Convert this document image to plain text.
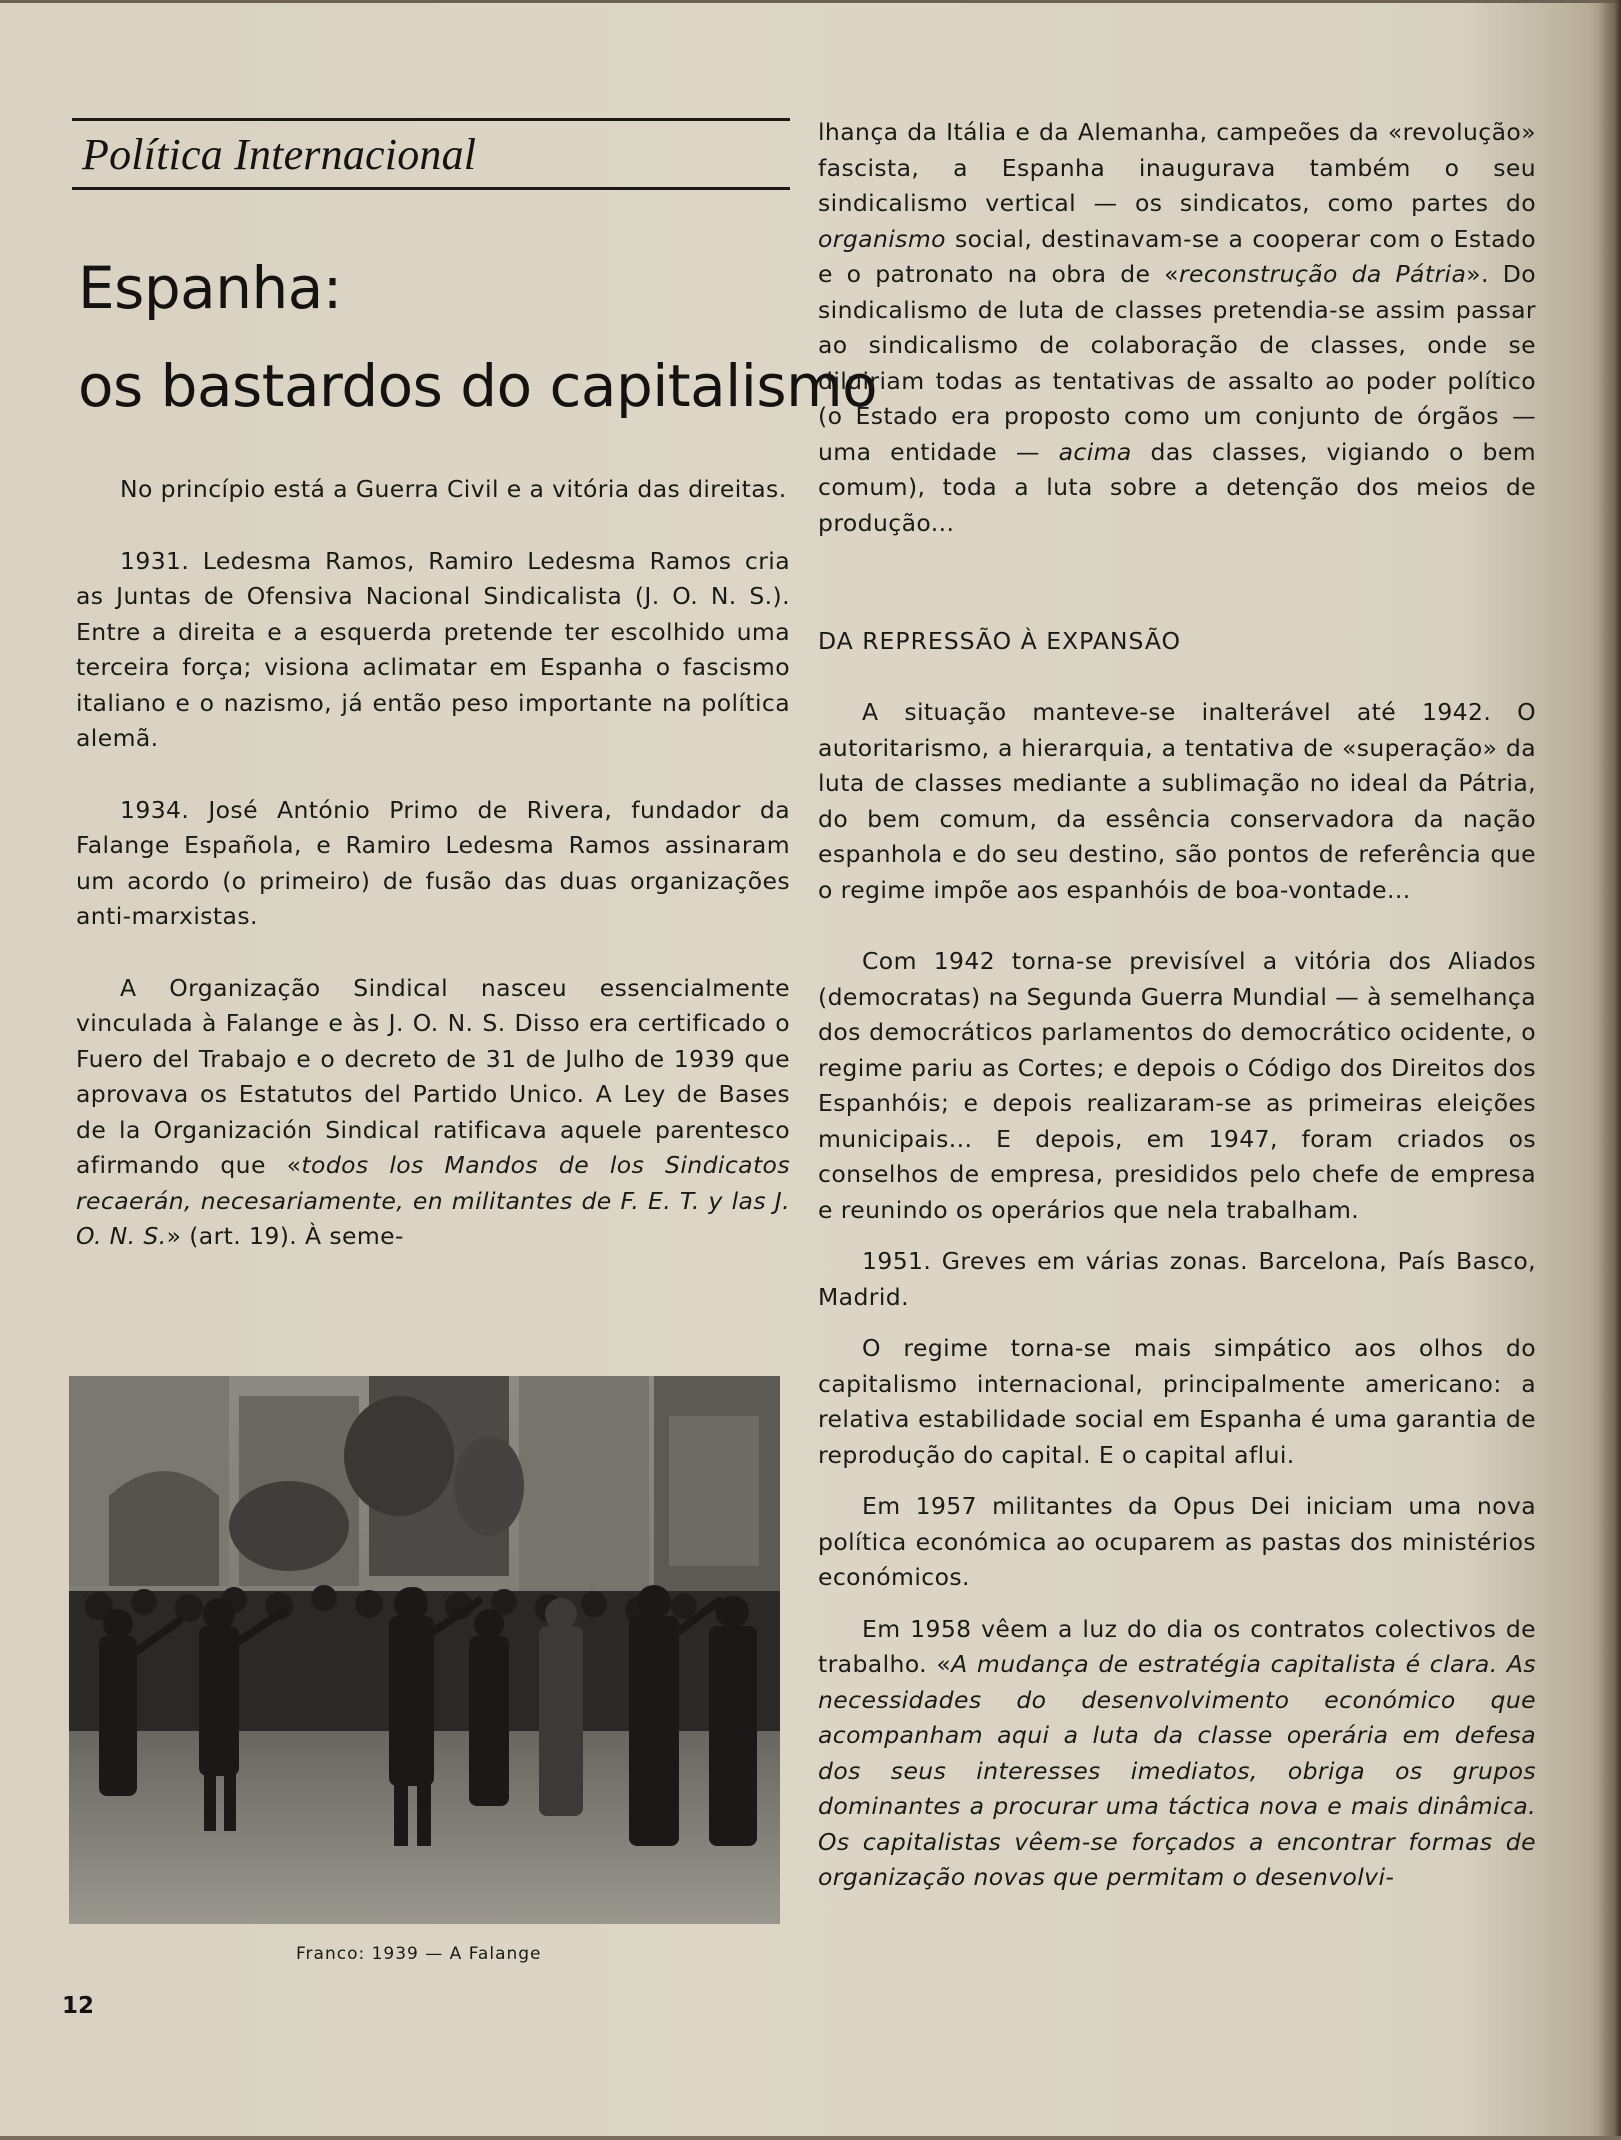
Política Internacional
Espanha:
os bastardos do capitalismo

No princípio está a Guerra Civil e a vitória das direitas.

1931. Ledesma Ramos, Ramiro Ledesma Ramos cria as Juntas de Ofensiva Nacional Sindicalista (J. O. N. S.). Entre a direita e a esquerda pretende ter escolhido uma terceira força; visiona aclimatar em Espanha o fascismo italiano e o nazismo, já então peso importante na política alemã.

1934. José António Primo de Rivera, fundador da Falange Española, e Ramiro Ledesma Ramos assinaram um acordo (o primeiro) de fusão das duas organizações anti-marxistas.

A Organização Sindical nasceu essencialmente vinculada à Falange e às J. O. N. S. Disso era certificado o Fuero del Trabajo e o decreto de 31 de Julho de 1939 que aprovava os Estatutos del Partido Unico. A Ley de Bases de la Organización Sindical ratificava aquele parentesco afirmando que «todos los Mandos de los Sindicatos recaerán, necesariamente, en militantes de F. E. T. y las J. O. N. S.» (art. 19). À seme-

Franco: 1939 — A Falange

lhança da Itália e da Alemanha, campeões da «revolução» fascista, a Espanha inaugurava também o seu sindicalismo vertical — os sindicatos, como partes do organismo social, destinavam-se a cooperar com o Estado e o patronato na obra de «reconstrução da Pátria». Do sindicalismo de luta de classes pretendia-se assim passar ao sindicalismo de colaboração de classes, onde se diluiriam todas as tentativas de assalto ao poder político (o Estado era proposto como um conjunto de órgãos — uma entidade — acima das classes, vigiando o bem comum), toda a luta sobre a detenção dos meios de produção...

DA REPRESSÃO À EXPANSÃO

A situação manteve-se inalterável até 1942. O autoritarismo, a hierarquia, a tentativa de «superação» da luta de classes mediante a sublimação no ideal da Pátria, do bem comum, da essência conservadora da nação espanhola e do seu destino, são pontos de referência que o regime impõe aos espanhóis de boa-vontade...

Com 1942 torna-se previsível a vitória dos Aliados (democratas) na Segunda Guerra Mundial — à semelhança dos democráticos parlamentos do democrático ocidente, o regime pariu as Cortes; e depois o Código dos Direitos dos Espanhóis; e depois realizaram-se as primeiras eleições municipais... E depois, em 1947, foram criados os conselhos de empresa, presididos pelo chefe de empresa e reunindo os operários que nela trabalham.

1951. Greves em várias zonas. Barcelona, País Basco, Madrid.

O regime torna-se mais simpático aos olhos do capitalismo internacional, principalmente americano: a relativa estabilidade social em Espanha é uma garantia de reprodução do capital. E o capital aflui.

Em 1957 militantes da Opus Dei iniciam uma nova política económica ao ocuparem as pastas dos ministérios económicos.

Em 1958 vêem a luz do dia os contratos colectivos de trabalho. «A mudança de estratégia capitalista é clara. As necessidades do desenvolvimento económico que acompanham aqui a luta da classe operária em defesa dos seus interesses imediatos, obriga os grupos dominantes a procurar uma táctica nova e mais dinâmica. Os capitalistas vêem-se forçados a encontrar formas de organização novas que permitam o desenvolvi-

12
